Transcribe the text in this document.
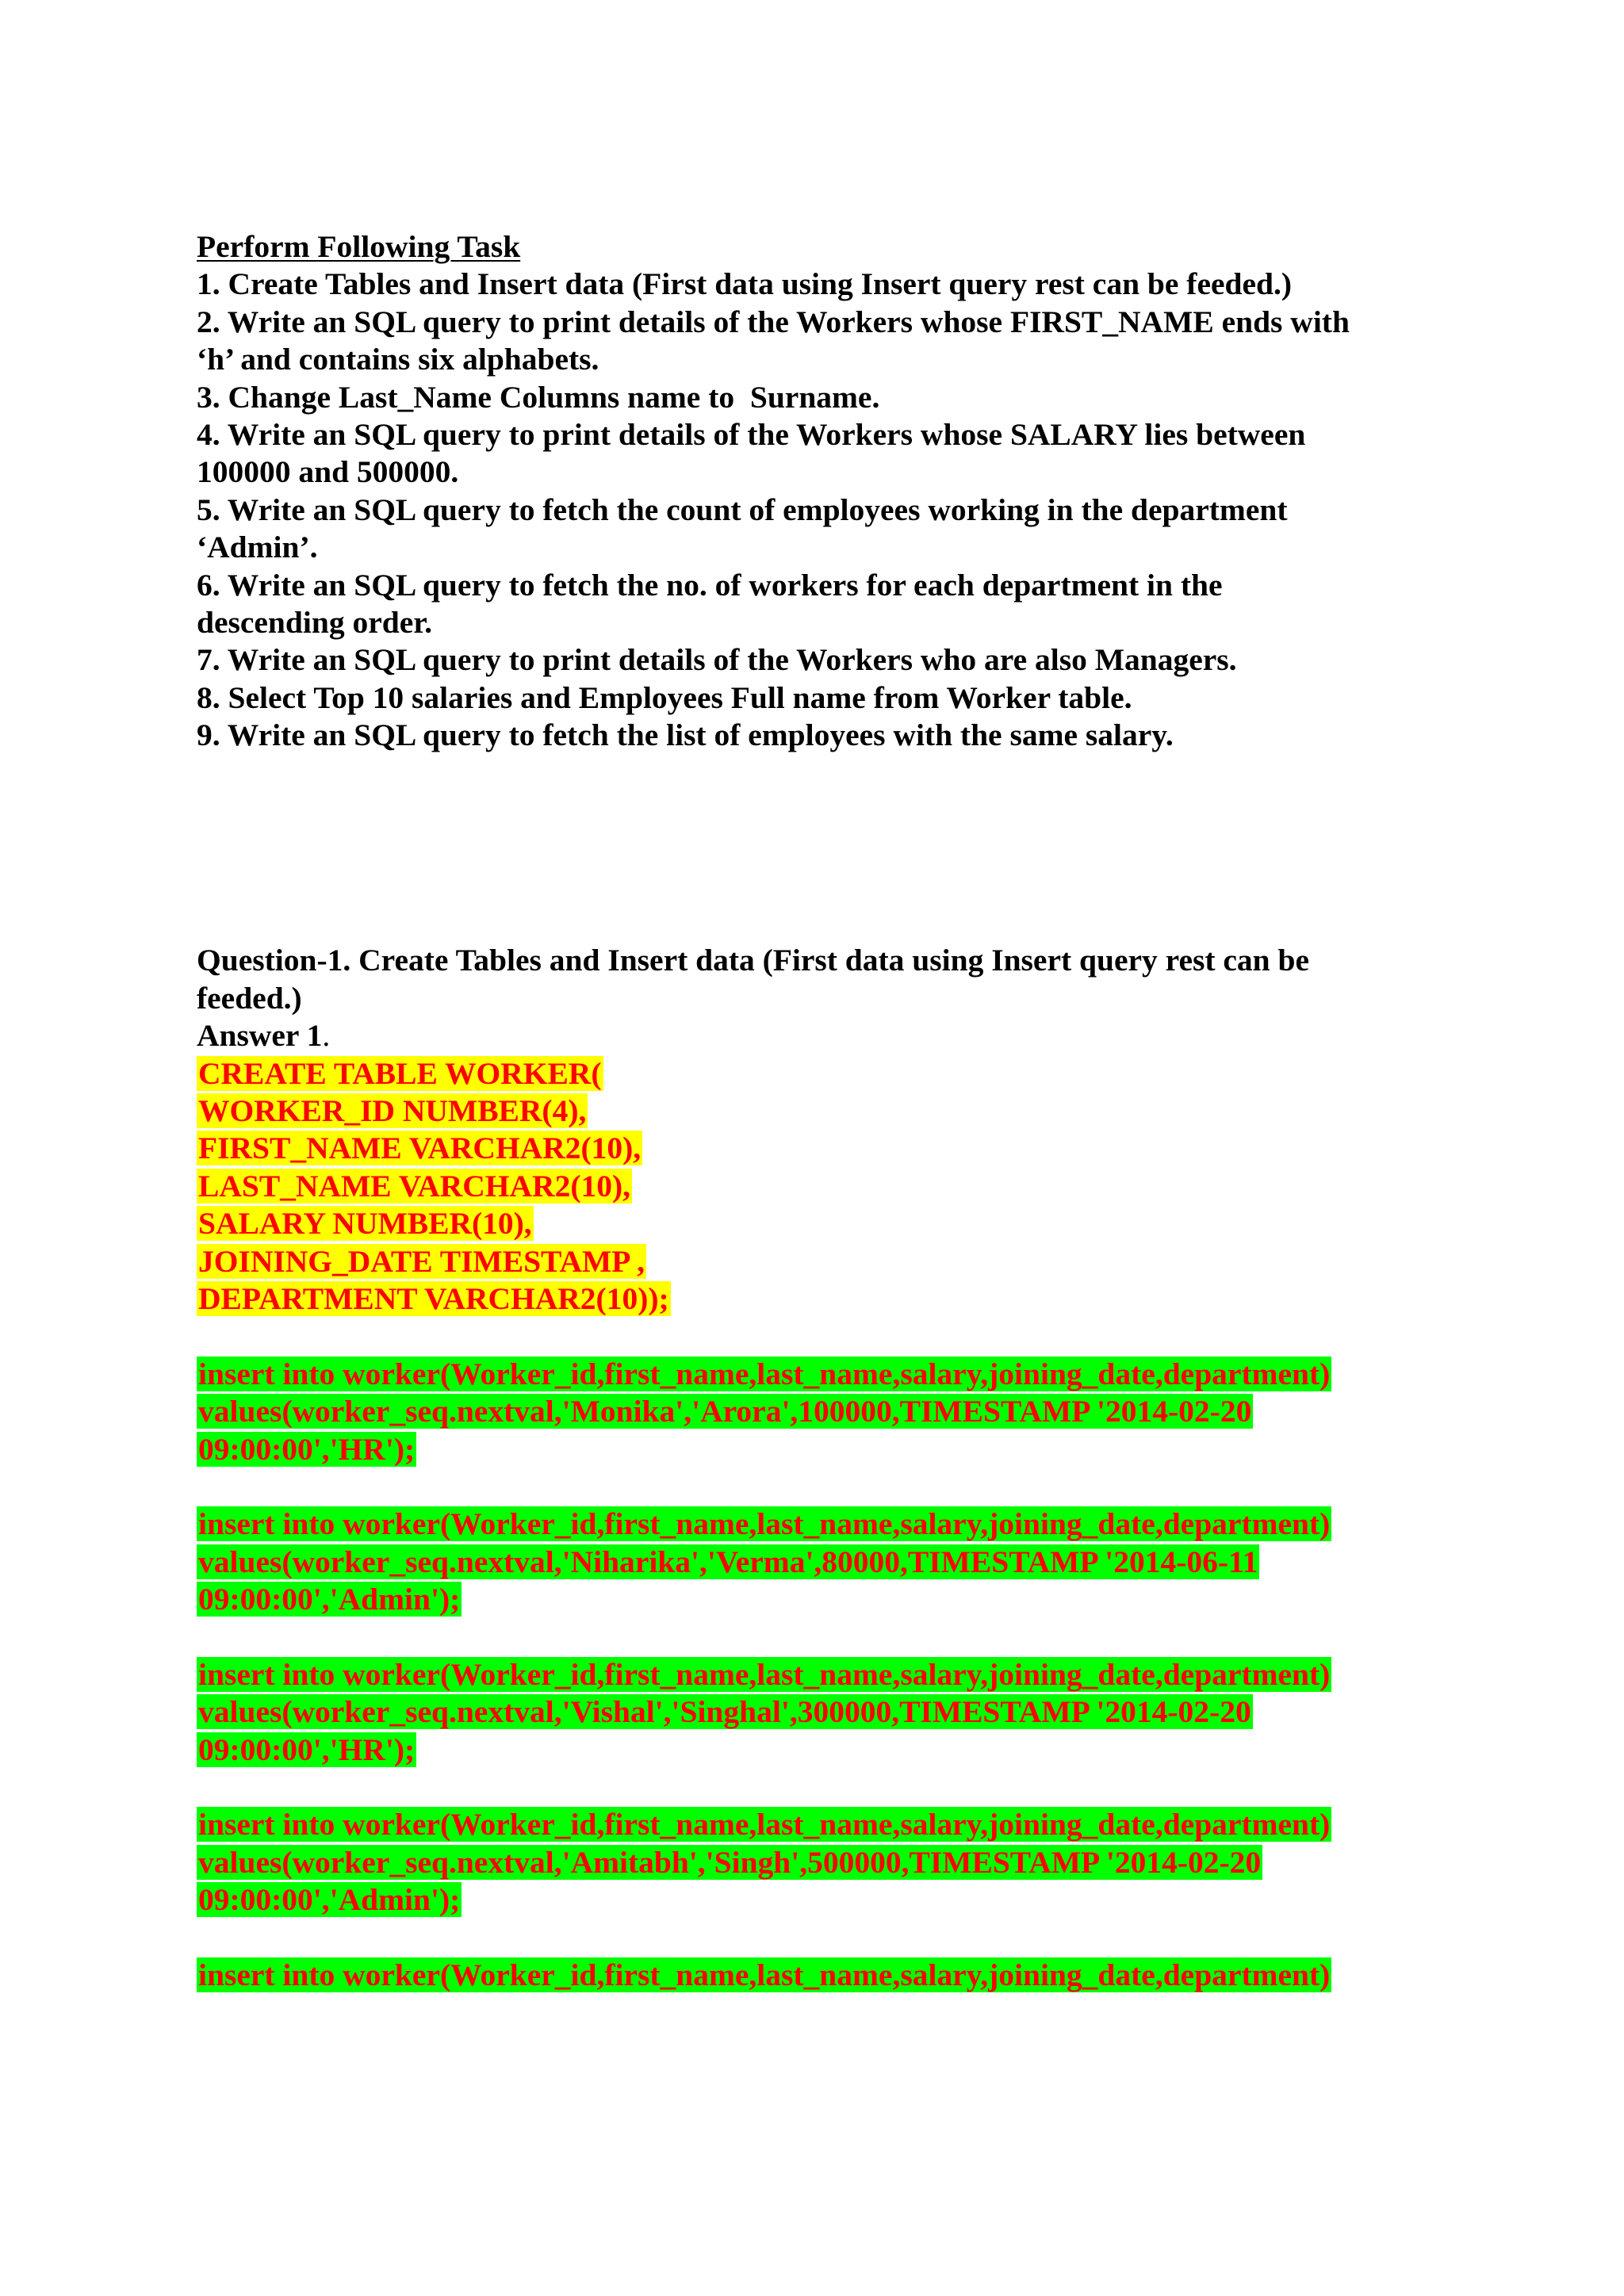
Perform Following Task
1. Create Tables and Insert data (First data using Insert query rest can be feeded.)
2. Write an SQL query to print details of the Workers whose FIRST_NAME ends with
‘h’ and contains six alphabets.
3. Change Last_Name Columns name to  Surname.
4. Write an SQL query to print details of the Workers whose SALARY lies between
100000 and 500000.
5. Write an SQL query to fetch the count of employees working in the department
‘Admin’.
6. Write an SQL query to fetch the no. of workers for each department in the
descending order.
7. Write an SQL query to print details of the Workers who are also Managers.
8. Select Top 10 salaries and Employees Full name from Worker table.
9. Write an SQL query to fetch the list of employees with the same salary.
Question-1. Create Tables and Insert data (First data using Insert query rest can be
feeded.)
Answer 1.
CREATE TABLE WORKER(
WORKER_ID NUMBER(4),
FIRST_NAME VARCHAR2(10),
LAST_NAME VARCHAR2(10),
SALARY NUMBER(10),
JOINING_DATE TIMESTAMP ,
DEPARTMENT VARCHAR2(10));
insert into worker(Worker_id,first_name,last_name,salary,joining_date,department)
values(worker_seq.nextval,'Monika','Arora',100000,TIMESTAMP '2014-02-20
09:00:00','HR');
insert into worker(Worker_id,first_name,last_name,salary,joining_date,department)
values(worker_seq.nextval,'Niharika','Verma',80000,TIMESTAMP '2014-06-11
09:00:00','Admin');
insert into worker(Worker_id,first_name,last_name,salary,joining_date,department)
values(worker_seq.nextval,'Vishal','Singhal',300000,TIMESTAMP '2014-02-20
09:00:00','HR');
insert into worker(Worker_id,first_name,last_name,salary,joining_date,department)
values(worker_seq.nextval,'Amitabh','Singh',500000,TIMESTAMP '2014-02-20
09:00:00','Admin');
insert into worker(Worker_id,first_name,last_name,salary,joining_date,department)
